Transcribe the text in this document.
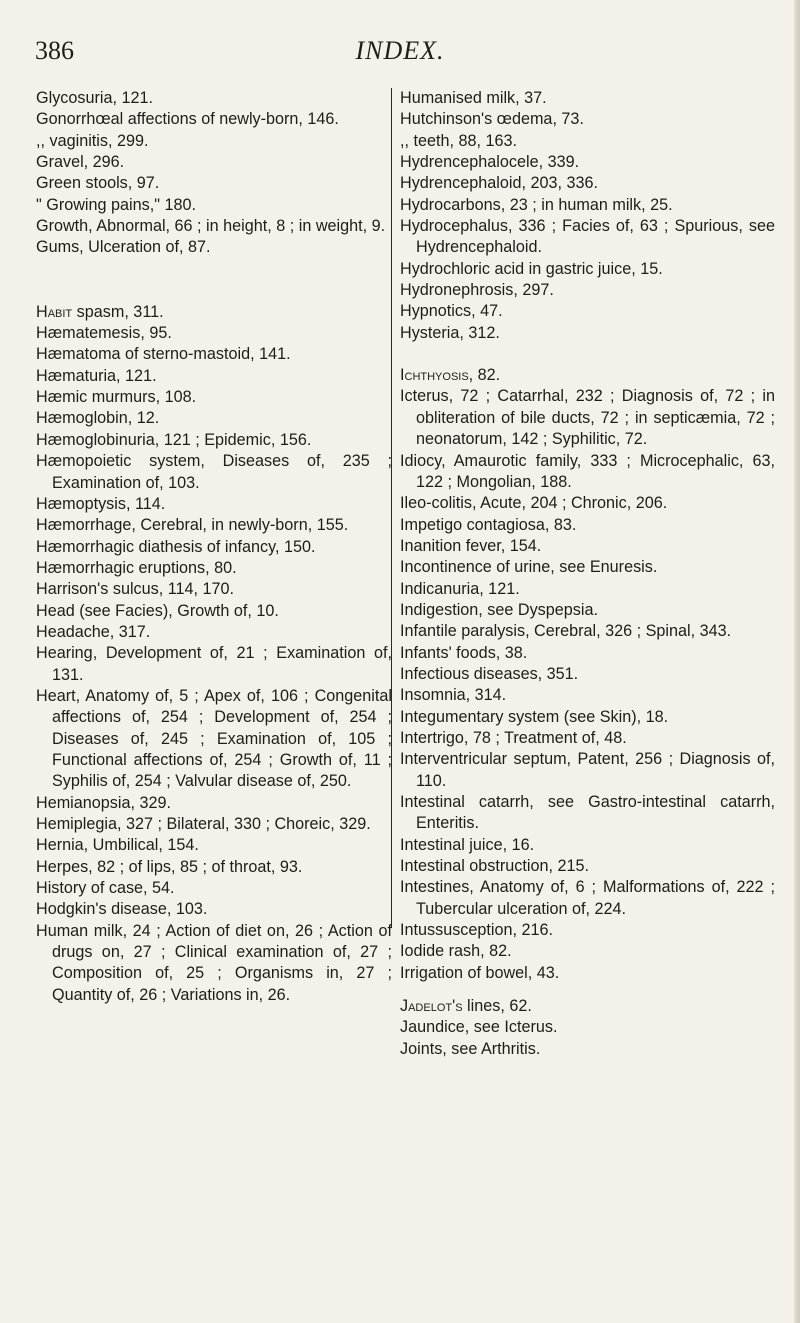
386	INDEX.

Glycosuria, 121.

Gonorrhœal affections of newly-born, 146.

,, vaginitis, 299.

Gravel, 296.

Green stools, 97.

" Growing pains," 180.

Growth, Abnormal, 66 ; in height, 8 ; in weight, 9.

Gums, Ulceration of, 87.

Habit spasm, 311.

Hæmatemesis, 95.

Hæmatoma of sterno-mastoid, 141.

Hæmaturia, 121.

Hæmic murmurs, 108.

Hæmoglobin, 12.

Hæmoglobinuria, 121 ; Epidemic, 156.

Hæmopoietic system, Diseases of, 235 ; Examination of, 103.

Hæmoptysis, 114.

Hæmorrhage, Cerebral, in newly-born, 155.

Hæmorrhagic diathesis of infancy, 150.

Hæmorrhagic eruptions, 80.

Harrison's sulcus, 114, 170.

Head (see Facies), Growth of, 10.

Headache, 317.

Hearing, Development of, 21 ; Examination of, 131.

Heart, Anatomy of, 5 ; Apex of, 106 ; Congenital affections of, 254 ; Development of, 254 ; Diseases of, 245 ; Examination of, 105 ; Functional affections of, 254 ; Growth of, 11 ; Syphilis of, 254 ; Valvular disease of, 250.

Hemianopsia, 329.

Hemiplegia, 327 ; Bilateral, 330 ; Choreic, 329.

Hernia, Umbilical, 154.

Herpes, 82 ; of lips, 85 ; of throat, 93.

History of case, 54.

Hodgkin's disease, 103.

Human milk, 24 ; Action of diet on, 26 ; Action of drugs on, 27 ; Clinical examination of, 27 ; Composition of, 25 ; Organisms in, 27 ; Quantity of, 26 ; Variations in, 26.

Humanised milk, 37.

Hutchinson's œdema, 73.

,, teeth, 88, 163.

Hydrencephalocele, 339.

Hydrencephaloid, 203, 336.

Hydrocarbons, 23 ; in human milk, 25.

Hydrocephalus, 336 ; Facies of, 63 ; Spurious, see Hydrencephaloid.

Hydrochloric acid in gastric juice, 15.

Hydronephrosis, 297.

Hypnotics, 47.

Hysteria, 312.

Ichthyosis, 82.

Icterus, 72 ; Catarrhal, 232 ; Diagnosis of, 72 ; in obliteration of bile ducts, 72 ; in septicæmia, 72 ; neonatorum, 142 ; Syphilitic, 72.

Idiocy, Amaurotic family, 333 ; Microcephalic, 63, 122 ; Mongolian, 188.

Ileo-colitis, Acute, 204 ; Chronic, 206.

Impetigo contagiosa, 83.

Inanition fever, 154.

Incontinence of urine, see Enuresis.

Indicanuria, 121.

Indigestion, see Dyspepsia.

Infantile paralysis, Cerebral, 326 ; Spinal, 343.

Infants' foods, 38.

Infectious diseases, 351.

Insomnia, 314.

Integumentary system (see Skin), 18.

Intertrigo, 78 ; Treatment of, 48.

Interventricular septum, Patent, 256 ; Diagnosis of, 110.

Intestinal catarrh, see Gastro-intestinal catarrh, Enteritis.

Intestinal juice, 16.

Intestinal obstruction, 215.

Intestines, Anatomy of, 6 ; Malformations of, 222 ; Tubercular ulceration of, 224.

Intussusception, 216.

Iodide rash, 82.

Irrigation of bowel, 43.

Jadelot's lines, 62.

Jaundice, see Icterus.

Joints, see Arthritis.
